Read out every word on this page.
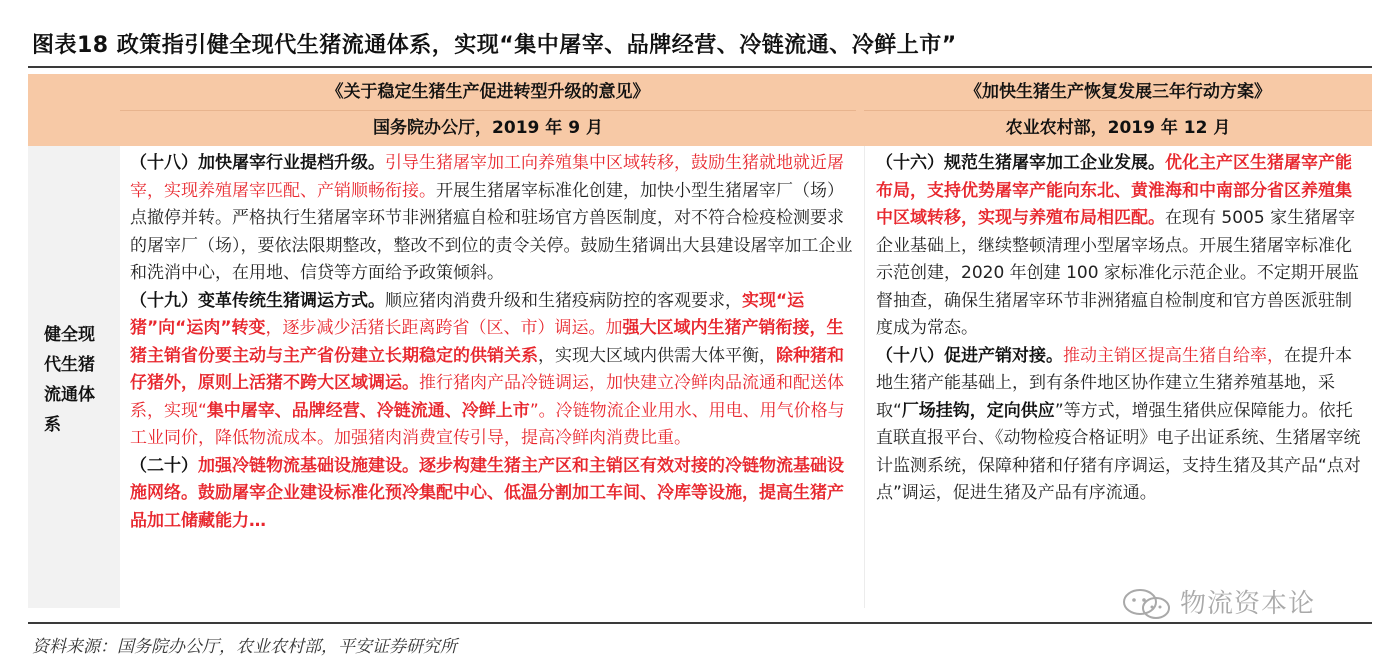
图表18 政策指引健全现代生猪流通体系，实现“集中屠宰、品牌经营、冷链流通、冷鲜上市”
《关于稳定生猪生产促进转型升级的意见》
国务院办公厅，2019 年 9 月
《加快生猪生产恢复发展三年行动方案》
农业农村部，2019 年 12 月
健全现代生猪流通体系

（十八）加快屠宰行业提档升级。引导生猪屠宰加工向养殖集中区域转移，鼓励生猪就地就近屠宰，实现养殖屠宰匹配、产销顺畅衔接。开展生猪屠宰标准化创建，加快小型生猪屠宰厂（场）点撤停并转。严格执行生猪屠宰环节非洲猪瘟自检和驻场官方兽医制度，对不符合检疫检测要求的屠宰厂（场），要依法限期整改，整改不到位的责令关停。鼓励生猪调出大县建设屠宰加工企业和洗消中心，在用地、信贷等方面给予政策倾斜。

（十九）变革传统生猪调运方式。顺应猪肉消费升级和生猪疫病防控的客观要求，实现“运猪”向“运肉”转变，逐步减少活猪长距离跨省（区、市）调运。加强大区域内生猪产销衔接，生猪主销省份要主动与主产省份建立长期稳定的供销关系，实现大区域内供需大体平衡，除种猪和仔猪外，原则上活猪不跨大区域调运。推行猪肉产品冷链调运，加快建立冷鲜肉品流通和配送体系，实现“集中屠宰、品牌经营、冷链流通、冷鲜上市”。冷链物流企业用水、用电、用气价格与工业同价，降低物流成本。加强猪肉消费宣传引导，提高冷鲜肉消费比重。

（二十）加强冷链物流基础设施建设。逐步构建生猪主产区和主销区有效对接的冷链物流基础设施网络。鼓励屠宰企业建设标准化预冷集配中心、低温分割加工车间、冷库等设施，提高生猪产品加工储藏能力…

（十六）规范生猪屠宰加工企业发展。优化主产区生猪屠宰产能布局，支持优势屠宰产能向东北、黄淮海和中南部分省区养殖集中区域转移，实现与养殖布局相匹配。在现有 5005 家生猪屠宰企业基础上，继续整顿清理小型屠宰场点。开展生猪屠宰标准化示范创建，2020 年创建 100 家标准化示范企业。不定期开展监督抽查，确保生猪屠宰环节非洲猪瘟自检制度和官方兽医派驻制度成为常态。

（十八）促进产销对接。推动主销区提高生猪自给率，在提升本地生猪产能基础上，到有条件地区协作建立生猪养殖基地，采取“厂场挂钩，定向供应”等方式，增强生猪供应保障能力。依托直联直报平台、《动物检疫合格证明》电子出证系统、生猪屠宰统计监测系统，保障种猪和仔猪有序调运，支持生猪及其产品“点对点”调运，促进生猪及产品有序流通。

物流资本论
资料来源：国务院办公厅，农业农村部，平安证券研究所
